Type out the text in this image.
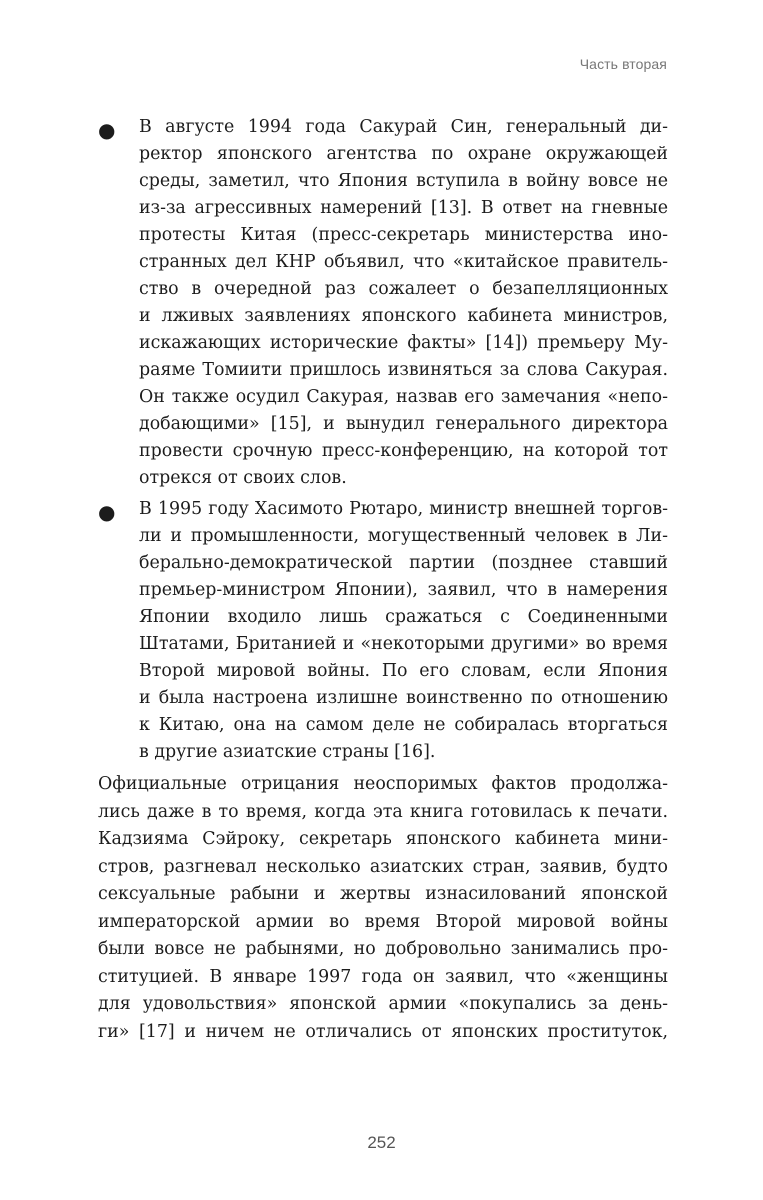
Часть вторая
● В августе 1994 года Сакурай Син, генеральный ди-
ректор японского агентства по охране окружающей
среды, заметил, что Япония вступила в войну вовсе не
из-за агрессивных намерений [13]. В ответ на гневные
протесты Китая (пресс-секретарь министерства ино-
странных дел КНР объявил, что «китайское правитель-
ство в очередной раз сожалеет о безапелляционных
и лживых заявлениях японского кабинета министров,
искажающих исторические факты» [14]) премьеру Му-
раяме Томиити пришлось извиняться за слова Сакурая.
Он также осудил Сакурая, назвав его замечания «непо-
добающими» [15], и вынудил генерального директора
провести срочную пресс-конференцию, на которой тот
отрекся от своих слов.
● В 1995 году Хасимото Рютаро, министр внешней торгов-
ли и промышленности, могущественный человек в Ли-
берально-демократической партии (позднее ставший
премьер-министром Японии), заявил, что в намерения
Японии входило лишь сражаться с Соединенными
Штатами, Британией и «некоторыми другими» во время
Второй мировой войны. По его словам, если Япония
и была настроена излишне воинственно по отношению
к Китаю, она на самом деле не собиралась вторгаться
в другие азиатские страны [16].
Официальные отрицания неоспоримых фактов продолжа-
лись даже в то время, когда эта книга готовилась к печати.
Кадзияма Сэйроку, секретарь японского кабинета мини-
стров, разгневал несколько азиатских стран, заявив, будто
сексуальные рабыни и жертвы изнасилований японской
императорской армии во время Второй мировой войны
были вовсе не рабынями, но добровольно занимались про-
ституцией. В январе 1997 года он заявил, что «женщины
для удовольствия» японской армии «покупались за день-
ги» [17] и ничем не отличались от японских проституток,
252
